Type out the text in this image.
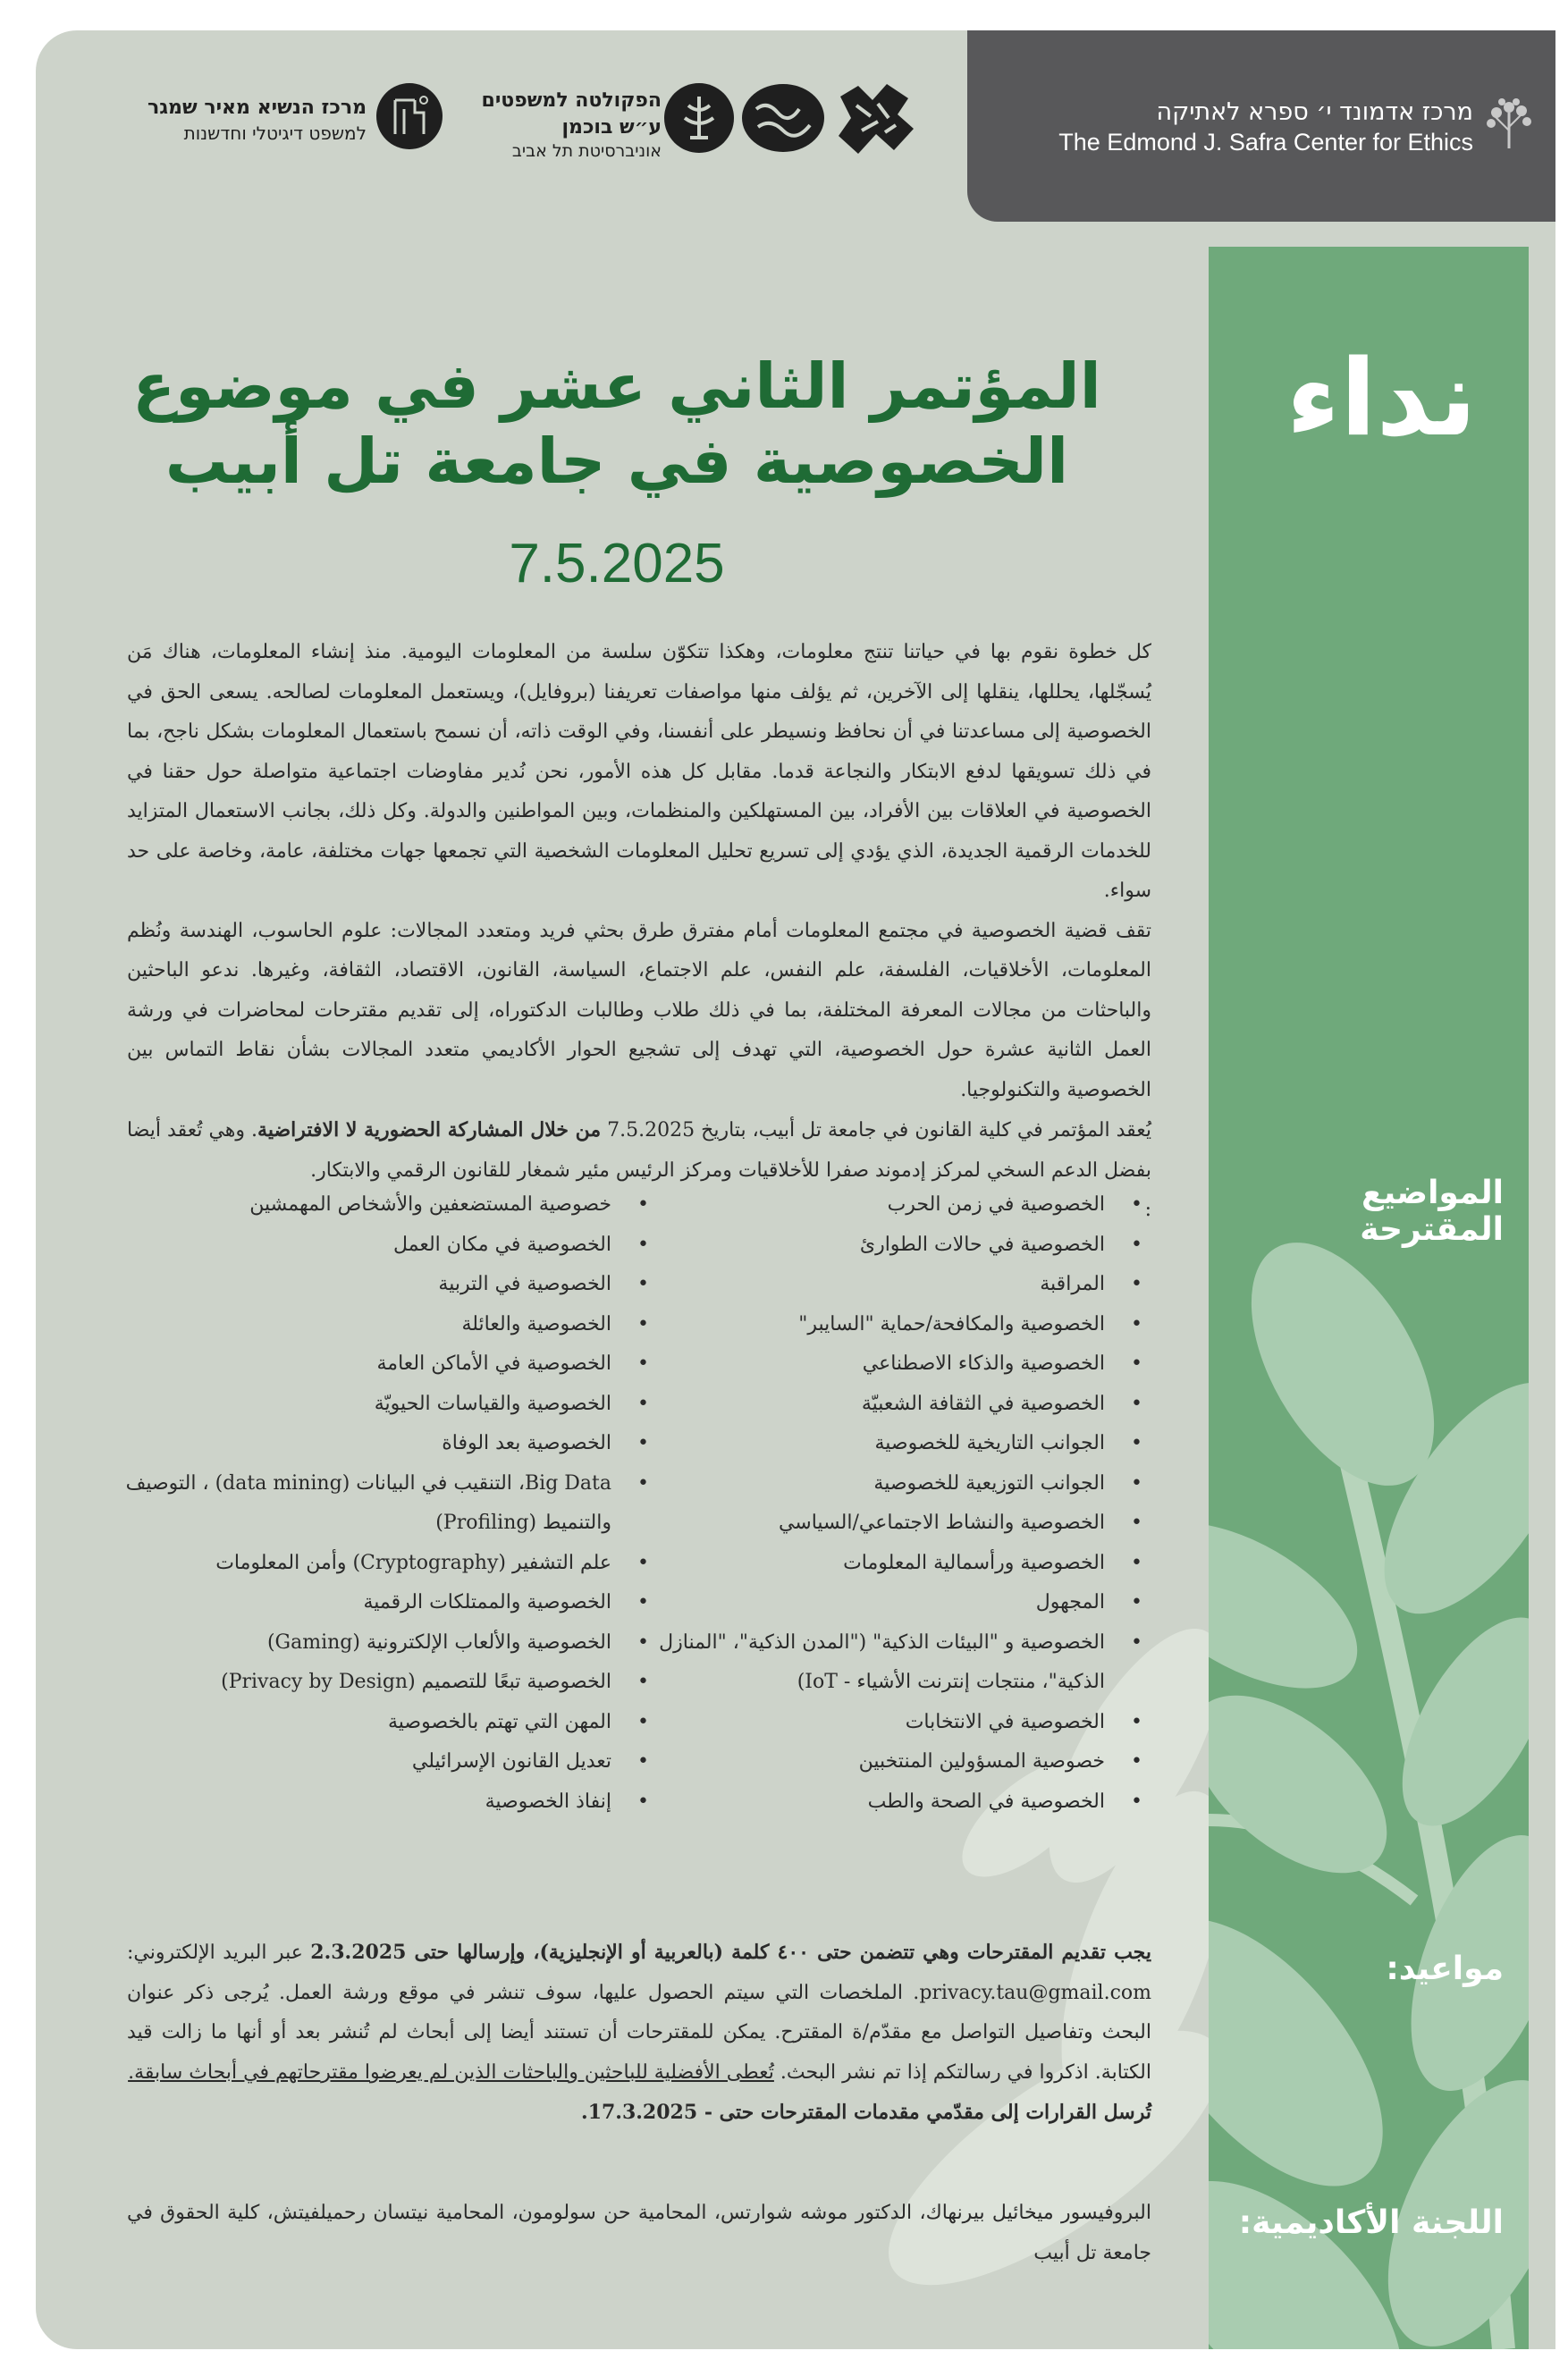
מרכז אדמונד י׳ ספרא לאתיקה
The Edmond J. Safra Center for Ethics
מרכז הנשיא מאיר שמגר
למשפט דיגיטלי וחדשנות
הפקולטה למשפטים
ע״ש בוכמן
אוניברסיטת תל אביב
نداء
المواضيع المقترحة
مواعيد:
اللجنة الأكاديمية:
المؤتمر الثاني عشر في موضوع
الخصوصية في جامعة تل أبيب
7.5.2025
كل خطوة نقوم بها في حياتنا تنتج معلومات، وهكذا تتكوّن سلسة من المعلومات اليومية. منذ إنشاء المعلومات، هناك مَن يُسجّلها، يحللها، ينقلها إلى الآخرين، ثم يؤلف منها مواصفات تعريفنا (بروفايل)، ويستعمل المعلومات لصالحه. يسعى الحق في الخصوصية إلى مساعدتنا في أن نحافظ ونسيطر على أنفسنا، وفي الوقت ذاته، أن نسمح باستعمال المعلومات بشكل ناجح، بما في ذلك تسويقها لدفع الابتكار والنجاعة قدما. مقابل كل هذه الأمور، نحن نُدير مفاوضات اجتماعية متواصلة حول حقنا في الخصوصية في العلاقات بين الأفراد، بين المستهلكين والمنظمات، وبين المواطنين والدولة. وكل ذلك، بجانب الاستعمال المتزايد للخدمات الرقمية الجديدة، الذي يؤدي إلى تسريع تحليل المعلومات الشخصية التي تجمعها جهات مختلفة، عامة، وخاصة على حد سواء.
تقف قضية الخصوصية في مجتمع المعلومات أمام مفترق طرق بحثي فريد ومتعدد المجالات: علوم الحاسوب، الهندسة ونُظم المعلومات، الأخلاقيات، الفلسفة، علم النفس، علم الاجتماع، السياسة، القانون، الاقتصاد، الثقافة، وغيرها. ندعو الباحثين والباحثات من مجالات المعرفة المختلفة، بما في ذلك طلاب وطالبات الدكتوراه، إلى تقديم مقترحات لمحاضرات في ورشة العمل الثانية عشرة حول الخصوصية، التي تهدف إلى تشجيع الحوار الأكاديمي متعدد المجالات بشأن نقاط التماس بين الخصوصية والتكنولوجيا.
يُعقد المؤتمر في كلية القانون في جامعة تل أبيب، بتاريخ 7.5.2025 من خلال المشاركة الحضورية لا الافتراضية. وهي تُعقد أيضا بفضل الدعم السخي لمركز إدموند صفرا للأخلاقيات ومركز الرئيس مئير شمغار للقانون الرقمي والابتكار.
:
• الخصوصية في زمن الحرب
• الخصوصية في حالات الطوارئ
• المراقبة
• الخصوصية والمكافحة/حماية "السايبر"
• الخصوصية والذكاء الاصطناعي
• الخصوصية في الثقافة الشعبيّة
• الجوانب التاريخية للخصوصية
• الجوانب التوزيعية للخصوصية
• الخصوصية والنشاط الاجتماعي/السياسي
• الخصوصية ورأسمالية المعلومات
• المجهول
• الخصوصية و "البيئات الذكية" ("المدن الذكية"، "المنازل الذكية"، منتجات إنترنت الأشياء - IoT)
• الخصوصية في الانتخابات
• خصوصية المسؤولين المنتخبين
• الخصوصية في الصحة والطب
• خصوصية المستضعفين والأشخاص المهمشين
• الخصوصية في مكان العمل
• الخصوصية في التربية
• الخصوصية والعائلة
• الخصوصية في الأماكن العامة
• الخصوصية والقياسات الحيويّة
• الخصوصية بعد الوفاة
• Big Data، التنقيب في البيانات (data mining) ، التوصيف والتنميط (Profiling)
• علم التشفير (Cryptography) وأمن المعلومات
• الخصوصية والممتلكات الرقمية
• الخصوصية والألعاب الإلكترونية (Gaming)
• الخصوصية تبعًا للتصميم (Privacy by Design)
• المهن التي تهتم بالخصوصية
• تعديل القانون الإسرائيلي
• إنفاذ الخصوصية
يجب تقديم المقترحات وهي تتضمن حتى ٤٠٠ كلمة (بالعربية أو الإنجليزية)، وإرسالها حتى 2.3.2025 عبر البريد الإلكتروني: privacy.tau@gmail.com. الملخصات التي سيتم الحصول عليها، سوف تنشر في موقع ورشة العمل. يُرجى ذكر عنوان البحث وتفاصيل التواصل مع مقدّم/ة المقترح. يمكن للمقترحات أن تستند أيضا إلى أبحاث لم تُنشر بعد أو أنها ما زالت قيد الكتابة. اذكروا في رسالتكم إذا تم نشر البحث. تُعطى الأفضلية للباحثين والباحثات الذين لم يعرضوا مقترحاتهم في أبحاث سابقة.
تُرسل القرارات إلى مقدّمي مقدمات المقترحات حتى - 17.3.2025.
البروفيسور ميخائيل بيرنهاك، الدكتور موشه شوارتس، المحامية حن سولومون، المحامية نيتسان رحميلفيتش، كلية الحقوق في جامعة تل أبيب
